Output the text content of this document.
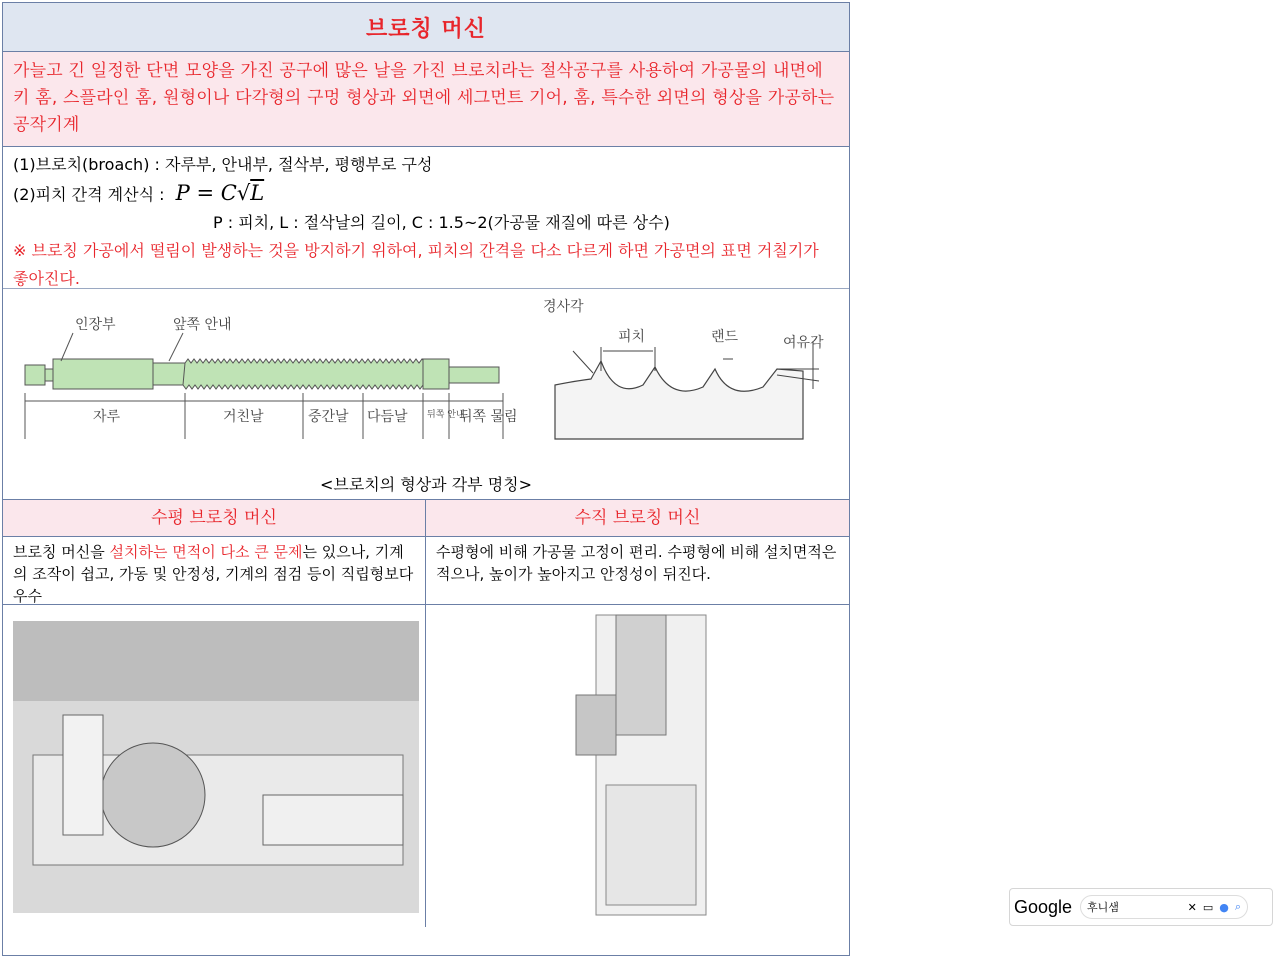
브로칭 머신
가늘고 긴 일정한 단면 모양을 가진 공구에 많은 날을 가진 브로치라는 절삭공구를 사용하여 가공물의 내면에 키 홈, 스플라인 홈, 원형이나 다각형의 구멍 형상과 외면에 세그먼트 기어, 홈, 특수한 외면의 형상을 가공하는 공작기계
(1)브로치(broach) : 자루부, 안내부, 절삭부, 평행부로 구성
(2)피치 간격 계산식 : P = C√L
P : 피치, L : 절삭날의 길이, C : 1.5~2(가공물 재질에 따른 상수)
※ 브로칭 가공에서 떨림이 발생하는 것을 방지하기 위하여, 피치의 간격을 다소 다르게 하면 가공면의 표면 거칠기가 좋아진다.
인장부	앞쪽 안내
자루	거친날	중간날 다듬날 뒤쪽 안내
뒤쪽 물림
경사각
피치	랜드	여유각
<브로치의 형상과 각부 명칭>
수평 브로칭 머신	수직 브로칭 머신
브로칭 머신을 설치하는 면적이 다소 큰 문제는 있으나, 기계의 조작이 쉽고, 가동 및 안정성, 기계의 점검 등이 직립형보다 우수
수평형에 비해 가공물 고정이 편리. 수평형에 비해 설치면적은 적으나, 높이가 높아지고 안정성이 뒤진다.
Google 후니샘	✕ ▭ ● ⌕
